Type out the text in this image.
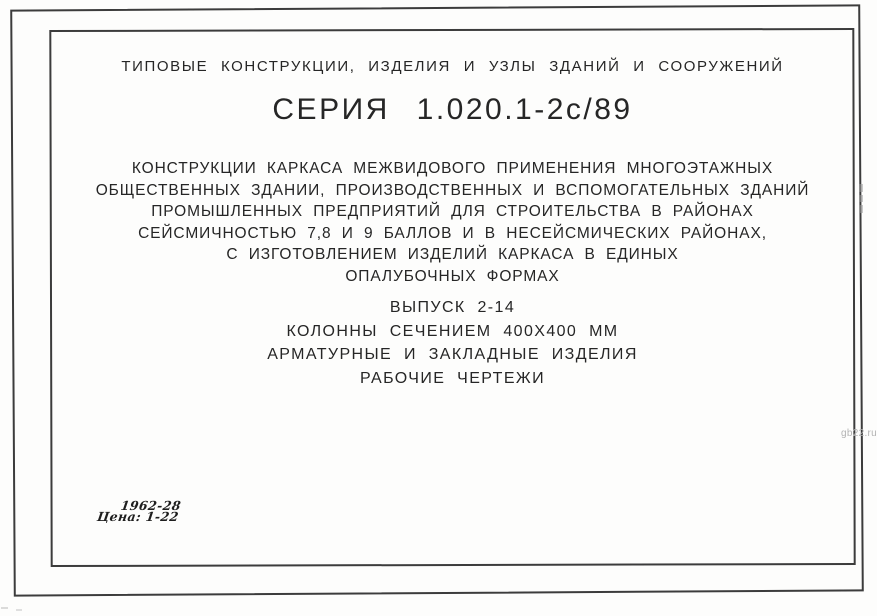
ТИПОВЫЕ КОНСТРУКЦИИ, ИЗДЕЛИЯ И УЗЛЫ ЗДАНИЙ И СООРУЖЕНИЙ
СЕРИЯ 1.020.1-2с/89
КОНСТРУКЦИИ КАРКАСА МЕЖВИДОВОГО ПРИМЕНЕНИЯ МНОГОЭТАЖНЫХ
ОБЩЕСТВЕННЫХ ЗДАНИИ, ПРОИЗВОДСТВЕННЫХ И ВСПОМОГАТЕЛЬНЫХ ЗДАНИЙ
ПРОМЫШЛЕННЫХ ПРЕДПРИЯТИЙ ДЛЯ СТРОИТЕЛЬСТВА В РАЙОНАХ
СЕЙСМИЧНОСТЬЮ 7,8 И 9 БАЛЛОВ И В НЕСЕЙСМИЧЕСКИХ РАЙОНАХ,
С ИЗГОТОВЛЕНИЕМ ИЗДЕЛИЙ КАРКАСА В ЕДИНЫХ
ОПАЛУБОЧНЫХ ФОРМАХ
ВЫПУСК 2-14
КОЛОННЫ СЕЧЕНИЕМ 400Х400 ММ
АРМАТУРНЫЕ И ЗАКЛАДНЫЕ ИЗДЕЛИЯ
РАБОЧИЕ ЧЕРТЕЖИ
1962-28
Цена: 1-22
gb22.ru
